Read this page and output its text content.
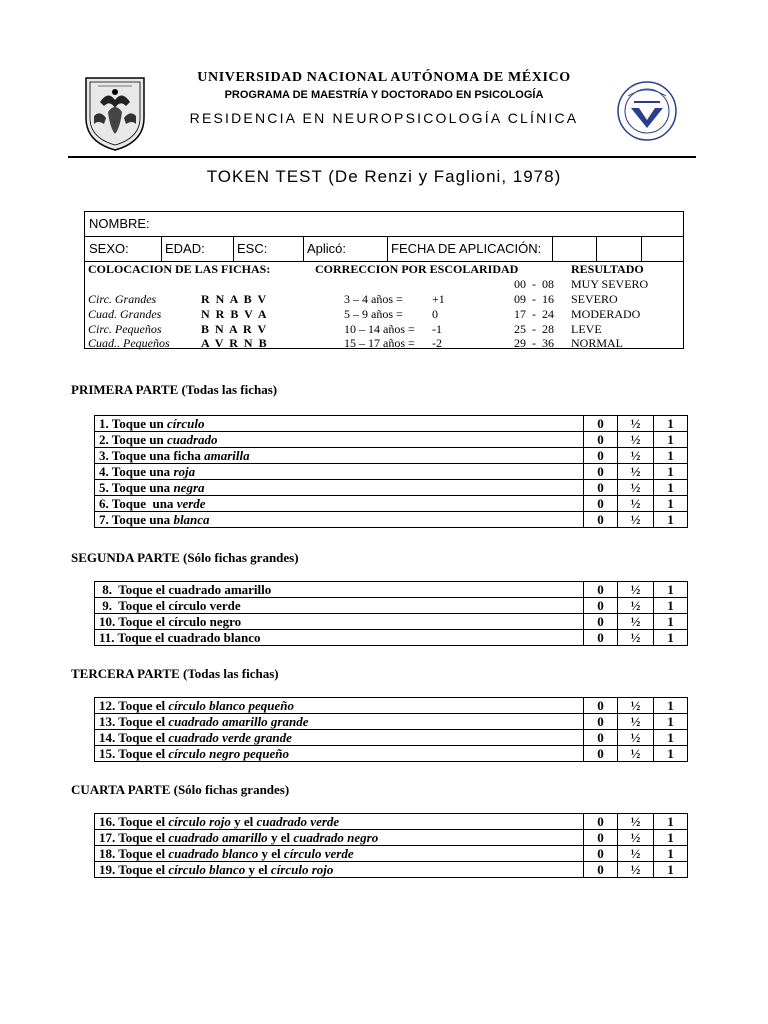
UNIVERSIDAD NACIONAL AUTÓNOMA DE MÉXICO
PROGRAMA DE MAESTRÍA Y DOCTORADO EN PSICOLOGÍA
RESIDENCIA EN NEUROPSICOLOGÍA CLÍNICA
TOKEN TEST (De Renzi y Faglioni, 1978)
NOMBRE:
SEXO:	EDAD:	ESC:	Aplicó:	FECHA DE APLICACIÓN:
COLOCACION DE LAS FICHAS:
Circ. Grandes	R  N  A  B  V
Cuad. Grandes	N  R  B  V  A
Circ. Pequeños	B  N  A  R  V
Cuad.. Pequeños	A  V  R  N  B
CORRECCION POR ESCOLARIDAD
3 – 4 años = +1
5 – 9 años = 0
10 – 14 años = -1
15 – 17 años = -2
RESULTADO
00  -  08 MUY SEVERO
09  -  16 SEVERO
17  -  24 MODERADO
25  -  28 LEVE
29  -  36 NORMAL
PRIMERA PARTE (Todas las fichas)
SEGUNDA PARTE (Sólo fichas grandes)
TERCERA PARTE (Todas las fichas)
CUARTA PARTE (Sólo fichas grandes)
1. Toque un círculo	0	½	1
2. Toque un cuadrado	0	½	1
3. Toque una ficha amarilla	0	½	1
4. Toque una roja	0	½	1
5. Toque una negra	0	½	1
6. Toque  una verde	0	½	1
7. Toque una blanca	0	½	1
8.  Toque el cuadrado amarillo	0	½	1
9.  Toque el círculo verde	0	½	1
10. Toque el círculo negro	0	½	1
11. Toque el cuadrado blanco	0	½	1
12. Toque el círculo blanco pequeño	0	½	1
13. Toque el cuadrado amarillo grande	0	½	1
14. Toque el cuadrado verde grande	0	½	1
15. Toque el círculo negro pequeño	0	½	1
16. Toque el círculo rojo y el cuadrado verde	0	½	1
17. Toque el cuadrado amarillo y el cuadrado negro	0	½	1
18. Toque el cuadrado blanco y el círculo verde	0	½	1
19. Toque el círculo blanco y el círculo rojo	0	½	1
